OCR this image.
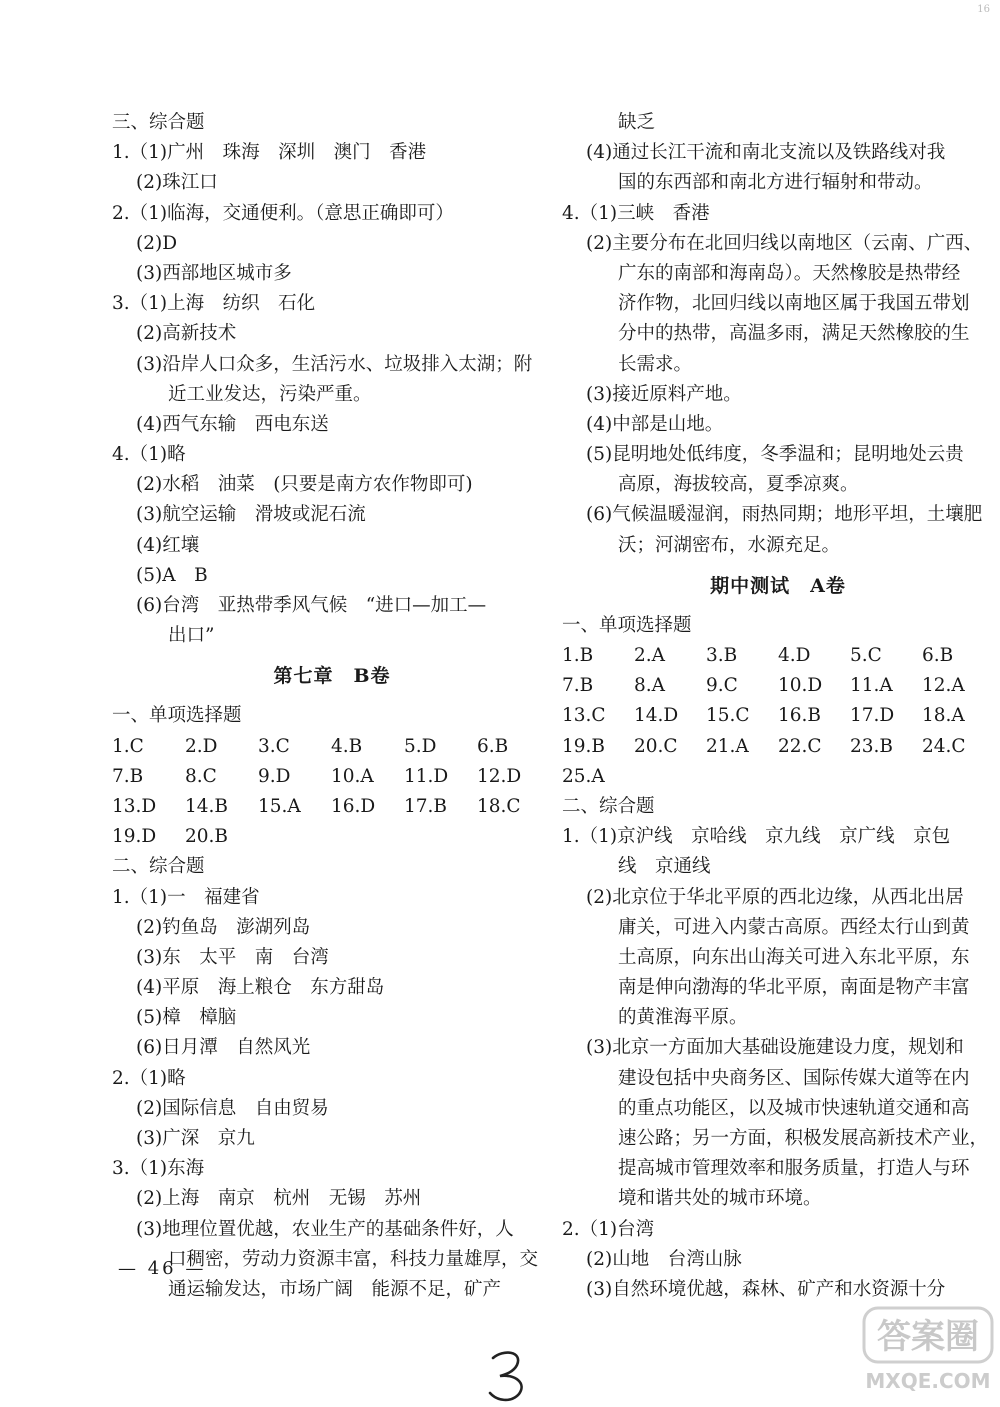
三、综合题
1.（1)广州　珠海　深圳　澳门　香港
(2)珠江口
2.（1)临海，交通便利。（意思正确即可）
(2)D
(3)西部地区城市多
3.（1)上海　纺织　石化
(2)高新技术
(3)沿岸人口众多，生活污水、垃圾排入太湖；附
近工业发达，污染严重。
(4)西气东输　西电东送
4.（1)略
(2)水稻　油菜　(只要是南方农作物即可)
(3)航空运输　滑坡或泥石流
(4)红壤
(5)A　B
(6)台湾　亚热带季风气候　“进口—加工—
出口”
第七章　B卷
一、单项选择题
1.C	2.D	3.C	4.B	5.D	6.B
7.B	8.C	9.D	10.A	11.D	12.D
13.D	14.B	15.A	16.D	17.B	18.C
19.D	20.B
二、综合题
1.（1)一　福建省
(2)钓鱼岛　澎湖列岛
(3)东　太平　南　台湾
(4)平原　海上粮仓　东方甜岛
(5)樟　樟脑
(6)日月潭　自然风光
2.（1)略
(2)国际信息　自由贸易
(3)广深　京九
3.（1)东海
(2)上海　南京　杭州　无锡　苏州
(3)地理位置优越，农业生产的基础条件好，人
口稠密，劳动力资源丰富，科技力量雄厚，交
通运输发达，市场广阔　能源不足，矿产
缺乏
(4)通过长江干流和南北支流以及铁路线对我
国的东西部和南北方进行辐射和带动。
4.（1)三峡　香港
(2)主要分布在北回归线以南地区（云南、广西、
广东的南部和海南岛）。天然橡胶是热带经
济作物，北回归线以南地区属于我国五带划
分中的热带，高温多雨，满足天然橡胶的生
长需求。
(3)接近原料产地。
(4)中部是山地。
(5)昆明地处低纬度，冬季温和；昆明地处云贵
高原，海拔较高，夏季凉爽。
(6)气候温暖湿润，雨热同期；地形平坦，土壤肥
沃；河湖密布，水源充足。
期中测试　A卷
一、单项选择题
1.B	2.A	3.B	4.D	5.C	6.B
7.B	8.A	9.C	10.D	11.A	12.A
13.C	14.D	15.C	16.B	17.D	18.A
19.B	20.C	21.A	22.C	23.B	24.C
25.A
二、综合题
1.（1)京沪线　京哈线　京九线　京广线　京包
线　京通线
(2)北京位于华北平原的西北边缘，从西北出居
庸关，可进入内蒙古高原。西经太行山到黄
土高原，向东出山海关可进入东北平原，东
南是伸向渤海的华北平原，南面是物产丰富
的黄淮海平原。
(3)北京一方面加大基础设施建设力度，规划和
建设包括中央商务区、国际传媒大道等在内
的重点功能区，以及城市快速轨道交通和高
速公路；另一方面，积极发展高新技术产业，
提高城市管理效率和服务质量，打造人与环
境和谐共处的城市环境。
2.（1)台湾
(2)山地　台湾山脉
(3)自然环境优越，森林、矿产和水资源十分
— 46 —
答案圈
MXQE.COM
16
